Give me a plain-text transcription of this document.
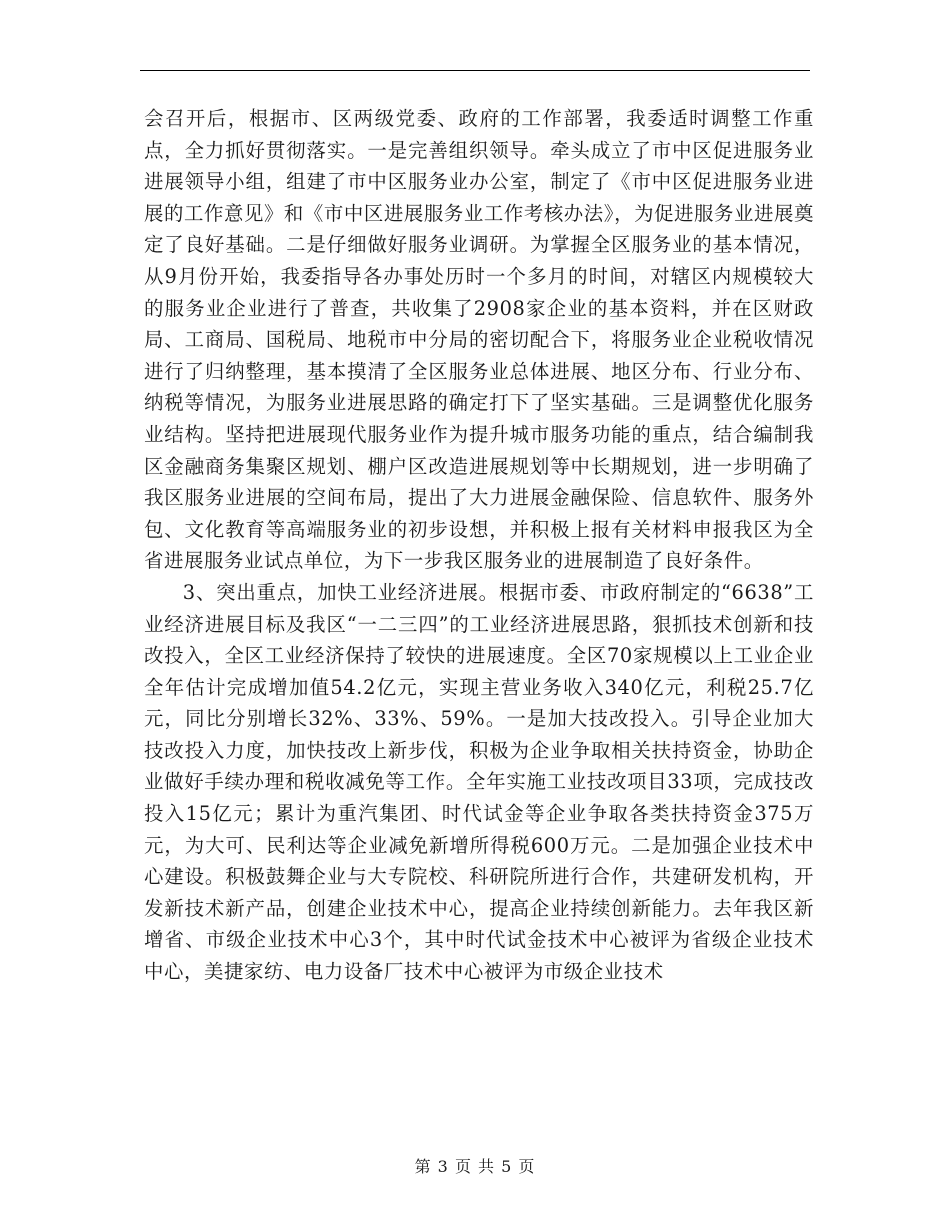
会召开后，根据市、区两级党委、政府的工作部署，我委适时调整工作重点，全力抓好贯彻落实。一是完善组织领导。牵头成立了市中区促进服务业进展领导小组，组建了市中区服务业办公室，制定了《市中区促进服务业进展的工作意见》和《市中区进展服务业工作考核办法》，为促进服务业进展奠定了良好基础。二是仔细做好服务业调研。为掌握全区服务业的基本情况，从9月份开始，我委指导各办事处历时一个多月的时间，对辖区内规模较大的服务业企业进行了普查，共收集了2908家企业的基本资料，并在区财政局、工商局、国税局、地税市中分局的密切配合下，将服务业企业税收情况进行了归纳整理，基本摸清了全区服务业总体进展、地区分布、行业分布、纳税等情况，为服务业进展思路的确定打下了坚实基础。三是调整优化服务业结构。坚持把进展现代服务业作为提升城市服务功能的重点，结合编制我区金融商务集聚区规划、棚户区改造进展规划等中长期规划，进一步明确了我区服务业进展的空间布局，提出了大力进展金融保险、信息软件、服务外包、文化教育等高端服务业的初步设想，并积极上报有关材料申报我区为全省进展服务业试点单位，为下一步我区服务业的进展制造了良好条件。

3、突出重点，加快工业经济进展。根据市委、市政府制定的“6638”工业经济进展目标及我区“一二三四”的工业经济进展思路，狠抓技术创新和技改投入，全区工业经济保持了较快的进展速度。全区70家规模以上工业企业全年估计完成增加值54.2亿元，实现主营业务收入340亿元，利税25.7亿元，同比分别增长32%、33%、59%。一是加大技改投入。引导企业加大技改投入力度，加快技改上新步伐，积极为企业争取相关扶持资金，协助企业做好手续办理和税收减免等工作。全年实施工业技改项目33项，完成技改投入15亿元；累计为重汽集团、时代试金等企业争取各类扶持资金375万元，为大可、民利达等企业减免新增所得税600万元。二是加强企业技术中心建设。积极鼓舞企业与大专院校、科研院所进行合作，共建研发机构，开发新技术新产品，创建企业技术中心，提高企业持续创新能力。去年我区新增省、市级企业技术中心3个，其中时代试金技术中心被评为省级企业技术中心，美捷家纺、电力设备厂技术中心被评为市级企业技术

第 3 页 共 5 页
